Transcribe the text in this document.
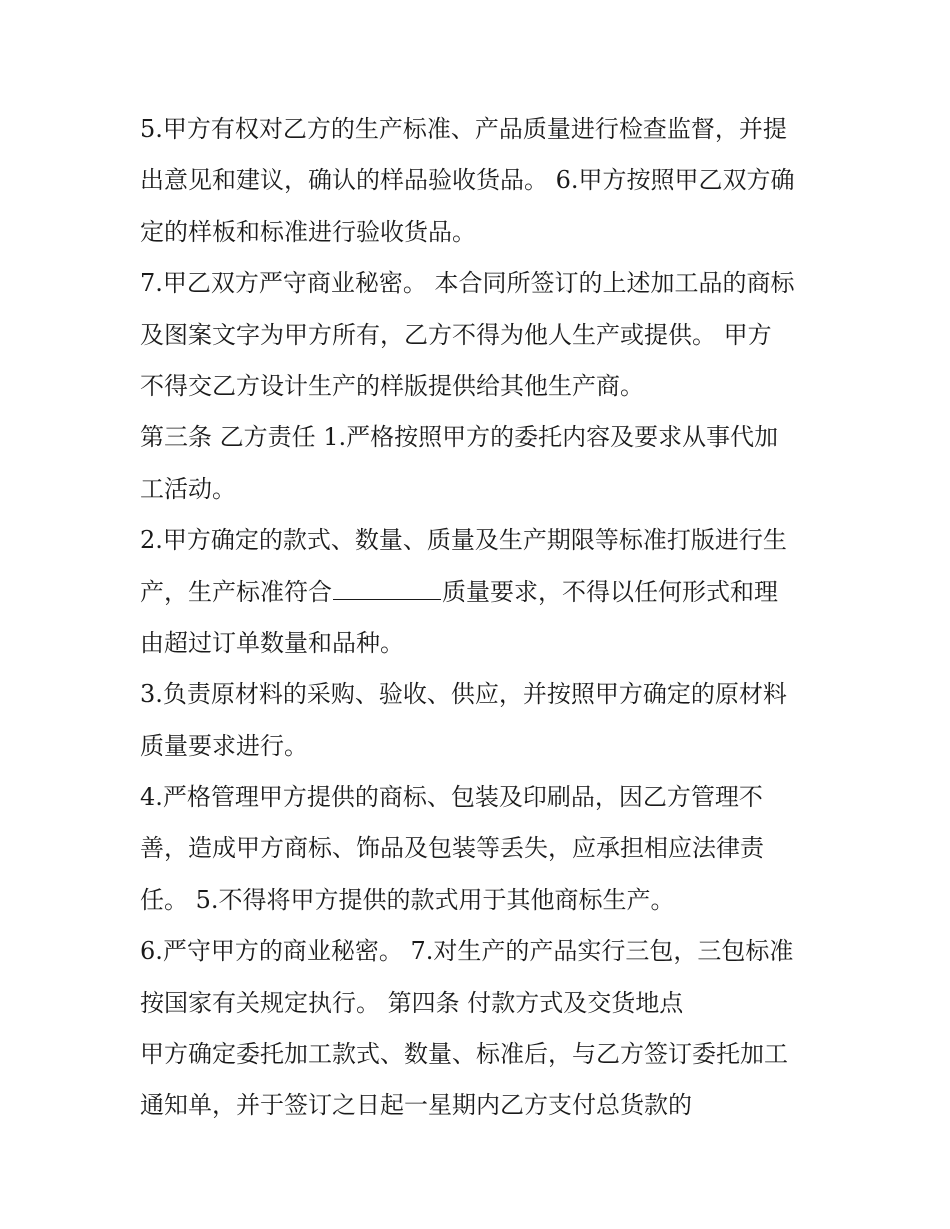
5.甲方有权对乙方的生产标准、产品质量进行检查监督，并提
出意见和建议，确认的样品验收货品。 6.甲方按照甲乙双方确
定的样板和标准进行验收货品。
7.甲乙双方严守商业秘密。 本合同所签订的上述加工品的商标
及图案文字为甲方所有，乙方不得为他人生产或提供。 甲方
不得交乙方设计生产的样版提供给其他生产商。
第三条 乙方责任 1.严格按照甲方的委托内容及要求从事代加
工活动。
2.甲方确定的款式、数量、质量及生产期限等标准打版进行生
产，生产标准符合	质量要求，不得以任何形式和理
由超过订单数量和品种。
3.负责原材料的采购、验收、供应，并按照甲方确定的原材料
质量要求进行。
4.严格管理甲方提供的商标、包装及印刷品，因乙方管理不
善，造成甲方商标、饰品及包装等丢失，应承担相应法律责
任。 5.不得将甲方提供的款式用于其他商标生产。
6.严守甲方的商业秘密。 7.对生产的产品实行三包，三包标准
按国家有关规定执行。 第四条 付款方式及交货地点
甲方确定委托加工款式、数量、标准后，与乙方签订委托加工
通知单，并于签订之日起一星期内乙方支付总货款的
